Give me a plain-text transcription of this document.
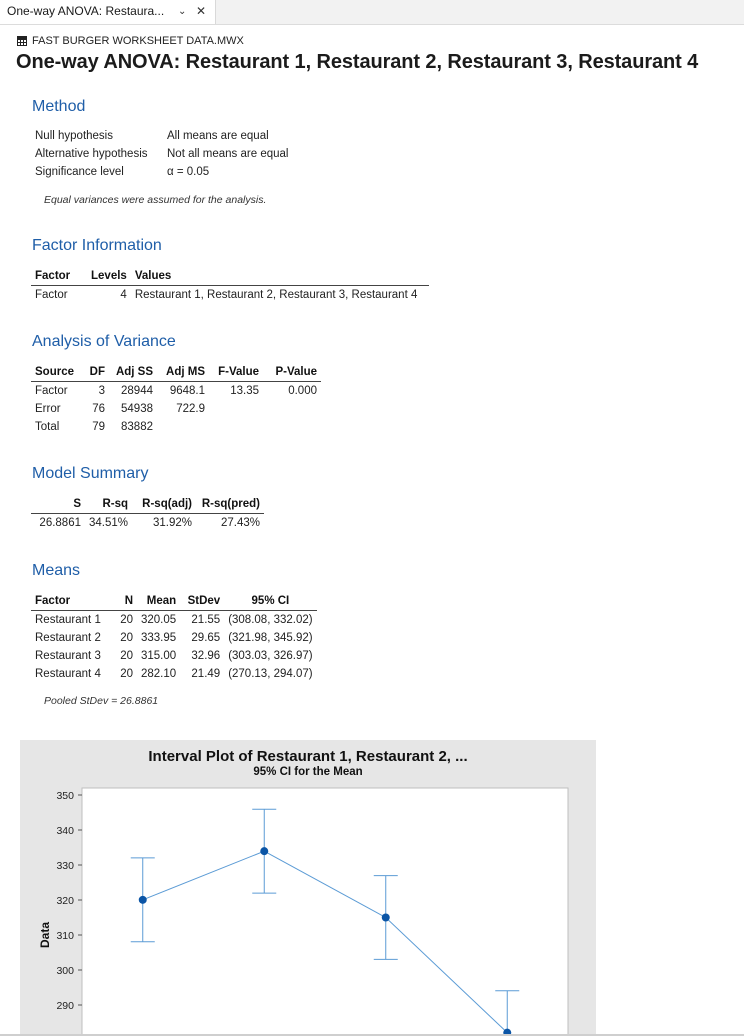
One-way ANOVA: Restaura... ⌄ ✕
FAST BURGER WORKSHEET DATA.MWX
One-way ANOVA: Restaurant 1, Restaurant 2, Restaurant 3, Restaurant 4
Method
Null hypothesis	All means are equal
Alternative hypothesis Not all means are equal
Significance level	α = 0.05
Equal variances were assumed for the analysis.
Factor Information
Factor	Levels	Values
Factor	4	Restaurant 1, Restaurant 2, Restaurant 3, Restaurant 4
Analysis of Variance
Source	DF	Adj SS	Adj MS	F-Value	P-Value
Factor	3	28944	9648.1	13.35	0.000
Error	76	54938	722.9		
Total	79	83882			
Model Summary
S	R-sq	R-sq(adj)	R-sq(pred)
26.8861	34.51%	31.92%	27.43%
Means
Factor	N	Mean	StDev	95% CI
Restaurant 1	20	320.05	21.55	(308.08, 332.02)
Restaurant 2	20	333.95	29.65	(321.98, 345.92)
Restaurant 3	20	315.00	32.96	(303.03, 326.97)
Restaurant 4	20	282.10	21.49	(270.13, 294.07)
Pooled StDev = 26.8861
Interval Plot of Restaurant 1, Restaurant 2, ...
95% CI for the Mean
290
300
310
320
330
340
350
Data
